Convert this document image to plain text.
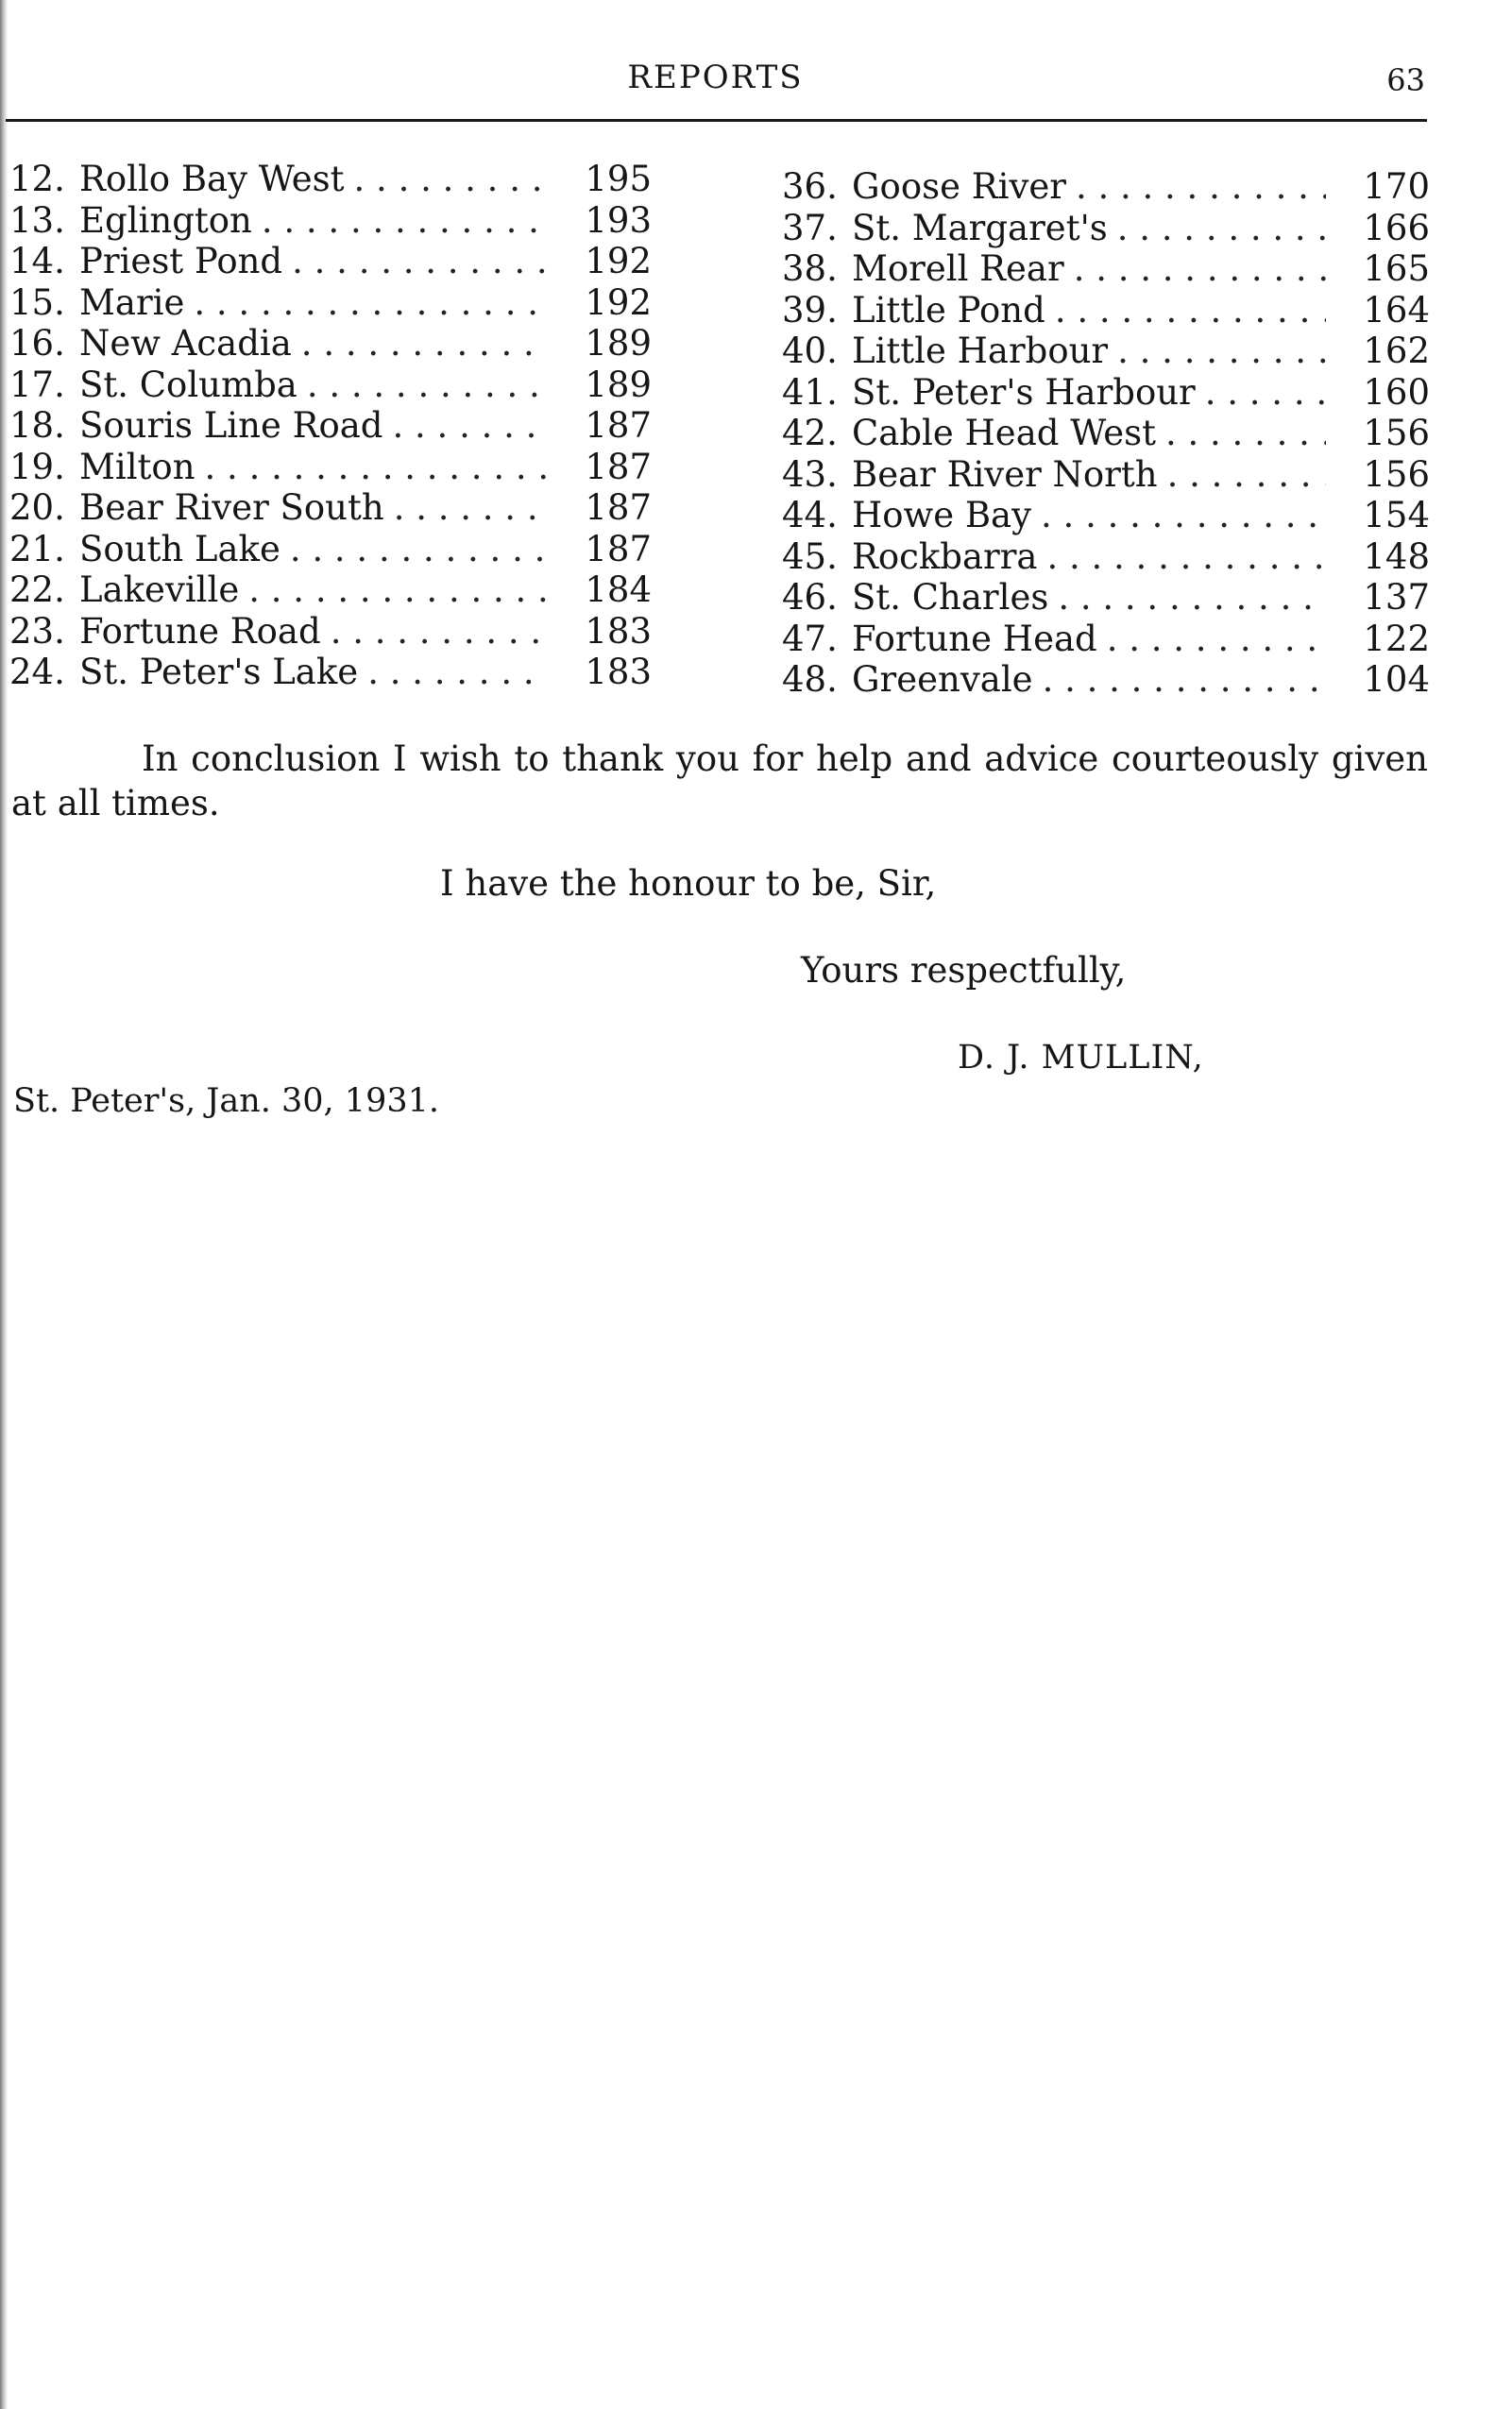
REPORTS	63
12. Rollo Bay West . . .	195
13. Eglington . . .	193
14. Priest Pond . . .	192
15. Marie . . .	192
16. New Acadia . . .	189
17. St. Columba . . .	189
18. Souris Line Road . . .	187
19. Milton . . .	187
20. Bear River South . . .	187
21. South Lake . . .	187
22. Lakeville . . .	184
23. Fortune Road . . .	183
24. St. Peter's Lake . . .	183
36. Goose River . . .	170
37. St. Margaret's . . .	166
38. Morell Rear . . .	165
39. Little Pond . . .	164
40. Little Harbour . . .	162
41. St. Peter's Harbour . . .	160
42. Cable Head West . . .	156
43. Bear River North . . .	156
44. Howe Bay . . .	154
45. Rockbarra . . .	148
46. St. Charles . . .	137
47. Fortune Head . . .	122
48. Greenvale . . .	104

In conclusion I wish to thank you for help and advice courteously given at all times.

I have the honour to be, Sir,

Yours respectfully,

D. J. MULLIN,

St. Peter's, Jan. 30, 1931.
